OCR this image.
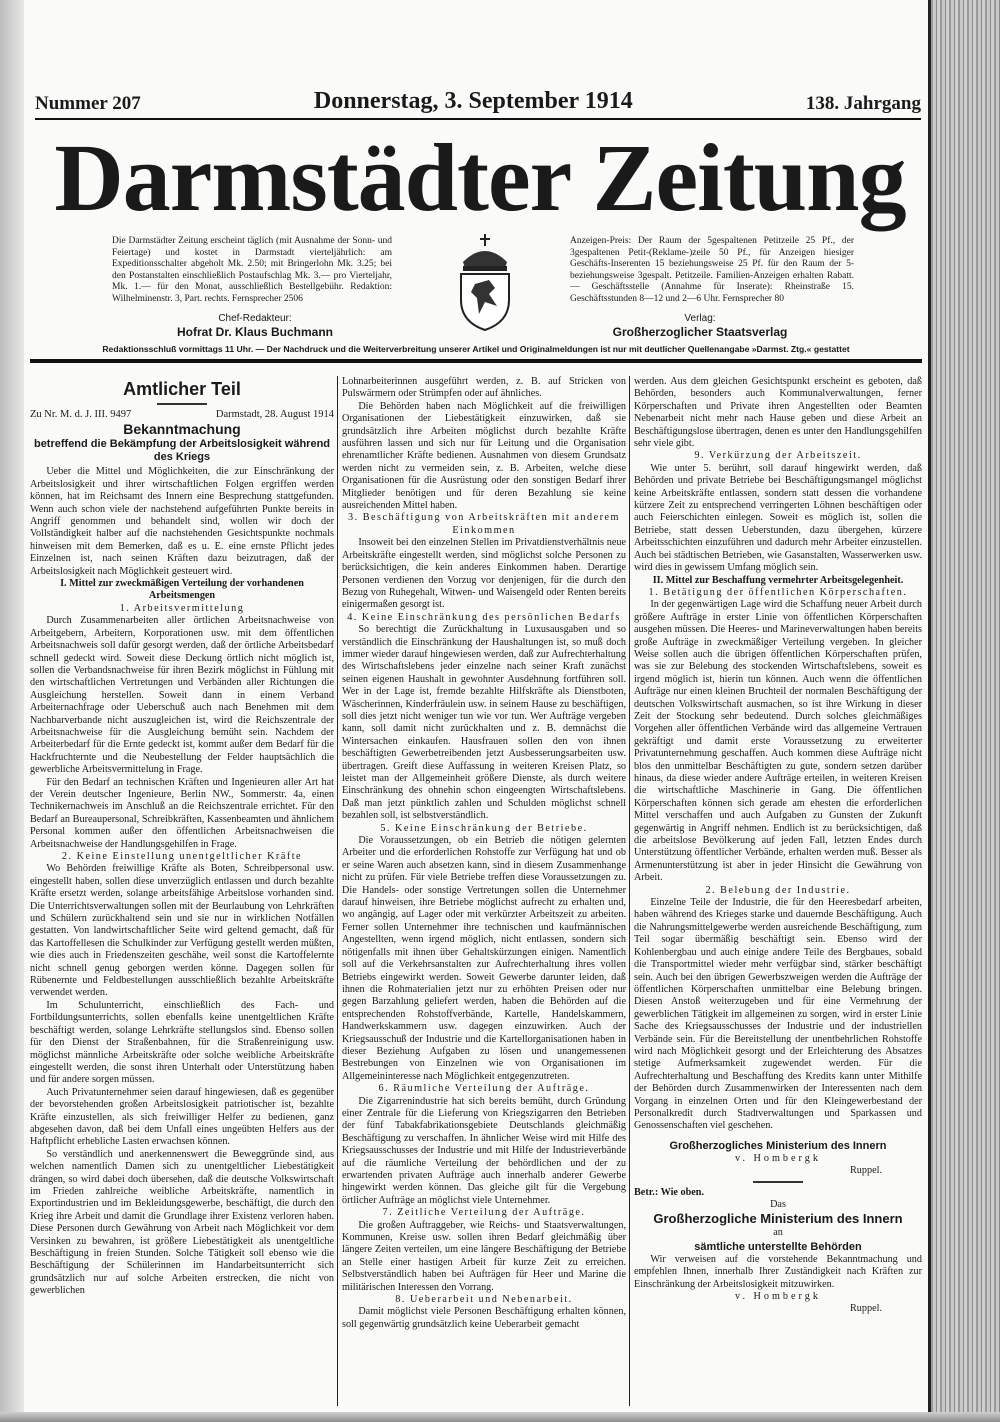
Nummer 207	Donnerstag, 3. September 1914	138. Jahrgang
Darmstädter Zeitung
Die Darmstädter Zeitung erscheint täglich (mit Ausnahme der Sonn- und Feiertage) und kostet in Darmstadt vierteljährlich: am Expeditionsschalter abgeholt Mk. 2.50; mit Bringerlohn Mk. 3.25; bei den Postanstalten einschließlich Postaufschlag Mk. 3.— pro Vierteljahr, Mk. 1.— für den Monat, ausschließlich Bestellgebühr. Redaktion: Wilhelminenstr. 3, Part. rechts. Fernsprecher 2506
Anzeigen-Preis: Der Raum der 5gespaltenen Petitzeile 25 Pf., der 3gespaltenen Petit-(Reklame-)zeile 50 Pf., für Anzeigen hiesiger Geschäfts-Inserenten 15 beziehungsweise 25 Pf. für den Raum der 5- beziehungsweise 3gespalt. Petitzeile. Familien-Anzeigen erhalten Rabatt. — Geschäftsstelle (Annahme für Inserate): Rheinstraße 15. Geschäftsstunden 8—12 und 2—6 Uhr. Fernsprecher 80
Chef-Redakteur:
Hofrat Dr. Klaus Buchmann
Verlag:
Großherzoglicher Staatsverlag
Redaktionsschluß vormittags 11 Uhr. — Der Nachdruck und die Weiterverbreitung unserer Artikel und Originalmeldungen ist nur mit deutlicher Quellenangabe »Darmst. Ztg.« gestattet
Amtlicher Teil
Zu Nr. M. d. J. III. 9497	Darmstadt, 28. August 1914
Bekanntmachung
betreffend die Bekämpfung der Arbeitslosigkeit während des Kriegs

Ueber die Mittel und Möglichkeiten, die zur Einschränkung der Arbeitslosigkeit und ihrer wirtschaftlichen Folgen ergriffen werden können, hat im Reichsamt des Innern eine Besprechung stattgefunden. Wenn auch schon viele der nachstehend aufgeführten Punkte bereits in Angriff genommen und behandelt sind, wollen wir doch der Vollständigkeit halber auf die nachstehenden Gesichtspunkte nochmals hinweisen mit dem Bemerken, daß es u. E. eine ernste Pflicht jedes Einzelnen ist, nach seinen Kräften dazu beizutragen, daß der Arbeitslosigkeit nach Möglichkeit gesteuert wird.

I. Mittel zur zweckmäßigen Verteilung der vorhandenen Arbeitsmengen
1. Arbeitsvermittelung

Durch Zusammenarbeiten aller örtlichen Arbeitsnachweise von Arbeitgebern, Arbeitern, Korporationen usw. mit dem öffentlichen Arbeitsnachweis soll dafür gesorgt werden, daß der örtliche Arbeitsbedarf schnell gedeckt wird. Soweit diese Deckung örtlich nicht möglich ist, sollen die Verbandsnachweise für ihren Bezirk möglichst in Fühlung mit den wirtschaftlichen Vertretungen und Verbänden aller Richtungen die Ausgleichung herstellen. Soweit dann in einem Verband Arbeiternachfrage oder Ueberschuß auch nach Benehmen mit dem Nachbarverbande nicht auszugleichen ist, wird die Reichszentrale der Arbeitsnachweise für die Ausgleichung bemüht sein. Nachdem der Arbeiterbedarf für die Ernte gedeckt ist, kommt außer dem Bedarf für die Hackfruchternte und die Neubestellung der Felder hauptsächlich die gewerbliche Arbeitsvermittelung in Frage.

Für den Bedarf an technischen Kräften und Ingenieuren aller Art hat der Verein deutscher Ingenieure, Berlin NW., Sommerstr. 4a, einen Technikernachweis im Anschluß an die Reichszentrale errichtet. Für den Bedarf an Bureaupersonal, Schreibkräften, Kassenbeamten und ähnlichem Personal kommen außer den öffentlichen Arbeitsnachweisen die Arbeitsnachweise der Handlungsgehilfen in Frage.

2. Keine Einstellung unentgeltlicher Kräfte

Wo Behörden freiwillige Kräfte als Boten, Schreibpersonal usw. eingestellt haben, sollen diese unverzüglich entlassen und durch bezahlte Kräfte ersetzt werden, solange arbeitsfähige Arbeitslose vorhanden sind. Die Unterrichtsverwaltungen sollen mit der Beurlaubung von Lehrkräften und Schülern zurückhaltend sein und sie nur in wirklichen Notfällen gestatten. Von landwirtschaftlicher Seite wird geltend gemacht, daß für das Kartoffellesen die Schulkinder zur Verfügung gestellt werden müßten, wie dies auch in Friedenszeiten geschähe, weil sonst die Kartoffelernte nicht schnell genug geborgen werden könne. Dagegen sollen für Rübenernte und Feldbestellungen ausschließlich bezahlte Arbeitskräfte verwendet werden.

Im Schulunterricht, einschließlich des Fach- und Fortbildungsunterrichts, sollen ebenfalls keine unentgeltlichen Kräfte beschäftigt werden, solange Lehrkräfte stellungslos sind. Ebenso sollen für den Dienst der Straßenbahnen, für die Straßenreinigung usw. möglichst männliche Arbeitskräfte oder solche weibliche Arbeitskräfte eingestellt werden, die sonst ihren Unterhalt oder Unterstützung haben und für andere sorgen müssen.

Auch Privatunternehmer seien darauf hingewiesen, daß es gegenüber der bevorstehenden großen Arbeitslosigkeit patriotischer ist, bezahlte Kräfte einzustellen, als sich freiwilliger Helfer zu bedienen, ganz abgesehen davon, daß bei dem Unfall eines ungeübten Helfers aus der Haftpflicht erhebliche Lasten erwachsen können.

So verständlich und anerkennenswert die Beweggründe sind, aus welchen namentlich Damen sich zu unentgeltlicher Liebestätigkeit drängen, so wird dabei doch übersehen, daß die deutsche Volkswirtschaft im Frieden zahlreiche weibliche Arbeitskräfte, namentlich in Exportindustrien und im Bekleidungsgewerbe, beschäftigt, die durch den Krieg ihre Arbeit und damit die Grundlage ihrer Existenz verloren haben. Diese Personen durch Gewährung von Arbeit nach Möglichkeit vor dem Versinken zu bewahren, ist größere Liebestätigkeit als unentgeltliche Beschäftigung in freien Stunden. Solche Tätigkeit soll ebenso wie die Beschäftigung der Schülerinnen im Handarbeitsunterricht sich grundsätzlich nur auf solche Arbeiten erstrecken, die nicht von gewerblichen

Lohnarbeiterinnen ausgeführt werden, z. B. auf Stricken von Pulswärmern oder Strümpfen oder auf ähnliches.

Die Behörden haben nach Möglichkeit auf die freiwilligen Organisationen der Liebestätigkeit einzuwirken, daß sie grundsätzlich ihre Arbeiten möglichst durch bezahlte Kräfte ausführen lassen und sich nur für Leitung und die Organisation ehrenamtlicher Kräfte bedienen. Ausnahmen von diesem Grundsatz werden nicht zu vermeiden sein, z. B. Arbeiten, welche diese Organisationen für die Ausrüstung oder den sonstigen Bedarf ihrer Mitglieder benötigen und für deren Bezahlung sie keine ausreichenden Mittel haben.

3. Beschäftigung von Arbeitskräften mit anderem Einkommen

Insoweit bei den einzelnen Stellen im Privatdienstverhältnis neue Arbeitskräfte eingestellt werden, sind möglichst solche Personen zu berücksichtigen, die kein anderes Einkommen haben. Derartige Personen verdienen den Vorzug vor denjenigen, für die durch den Bezug von Ruhegehalt, Witwen- und Waisengeld oder Renten bereits einigermaßen gesorgt ist.

4. Keine Einschränkung des persönlichen Bedarfs

So berechtigt die Zurückhaltung in Luxusausgaben und so verständlich die Einschränkung der Haushaltungen ist, so muß doch immer wieder darauf hingewiesen werden, daß zur Aufrechterhaltung des Wirtschaftslebens jeder einzelne nach seiner Kraft zunächst seinen eigenen Haushalt in gewohnter Ausdehnung fortführen soll. Wer in der Lage ist, fremde bezahlte Hilfskräfte als Dienstboten, Wäscherinnen, Kinderfräulein usw. in seinem Hause zu beschäftigen, soll dies jetzt nicht weniger tun wie vor tun. Wer Aufträge vergeben kann, soll damit nicht zurückhalten und z. B. demnächst die Wintersachen einkaufen. Hausfrauen sollen den von ihnen beschäftigten Gewerbetreibenden jetzt Ausbesserungsarbeiten usw. übertragen. Greift diese Auffassung in weiteren Kreisen Platz, so leistet man der Allgemeinheit größere Dienste, als durch weitere Einschränkung des ohnehin schon eingeengten Wirtschaftslebens. Daß man jetzt pünktlich zahlen und Schulden möglichst schnell bezahlen soll, ist selbstverständlich.

5. Keine Einschränkung der Betriebe.

Die Voraussetzungen, ob ein Betrieb die nötigen gelernten Arbeiter und die erforderlichen Rohstoffe zur Verfügung hat und ob er seine Waren auch absetzen kann, sind in diesem Zusammenhange nicht zu prüfen. Für viele Betriebe treffen diese Voraussetzungen zu. Die Handels- oder sonstige Vertretungen sollen die Unternehmer darauf hinweisen, ihre Betriebe möglichst aufrecht zu erhalten und, wo angängig, auf Lager oder mit verkürzter Arbeitszeit zu arbeiten. Ferner sollen Unternehmer ihre technischen und kaufmännischen Angestellten, wenn irgend möglich, nicht entlassen, sondern sich nötigenfalls mit ihnen über Gehaltskürzungen einigen. Namentlich soll auf die Verkehrsanstalten zur Aufrechterhaltung ihres vollen Betriebs eingewirkt werden. Soweit Gewerbe darunter leiden, daß ihnen die Rohmaterialien jetzt nur zu erhöhten Preisen oder nur gegen Barzahlung geliefert werden, haben die Behörden auf die entsprechenden Rohstoffverbände, Kartelle, Handelskammern, Handwerkskammern usw. dagegen einzuwirken. Auch der Kriegsausschuß der Industrie und die Kartellorganisationen haben in dieser Beziehung Aufgaben zu lösen und unangemessenen Bestrebungen von Einzelnen wie von Organisationen im Allgemeininteresse nach Möglichkeit entgegenzutreten.

6. Räumliche Verteilung der Aufträge.

Die Zigarrenindustrie hat sich bereits bemüht, durch Gründung einer Zentrale für die Lieferung von Kriegszigarren den Betrieben der fünf Tabakfabrikationsgebiete Deutschlands gleichmäßig Beschäftigung zu verschaffen. In ähnlicher Weise wird mit Hilfe des Kriegsausschusses der Industrie und mit Hilfe der Industrieverbände auf die räumliche Verteilung der behördlichen und der zu erwartenden privaten Aufträge auch innerhalb anderer Gewerbe hingewirkt werden können. Das gleiche gilt für die Vergebung örtlicher Aufträge an möglichst viele Unternehmer.

7. Zeitliche Verteilung der Aufträge.

Die großen Auftraggeber, wie Reichs- und Staatsverwaltungen, Kommunen, Kreise usw. sollen ihren Bedarf gleichmäßig über längere Zeiten verteilen, um eine längere Beschäftigung der Betriebe an Stelle einer hastigen Arbeit für kurze Zeit zu erreichen. Selbstverständlich haben bei Aufträgen für Heer und Marine die militärischen Interessen den Vorrang.

8. Ueberarbeit und Nebenarbeit.

Damit möglichst viele Personen Beschäftigung erhalten können, soll gegenwärtig grundsätzlich keine Ueberarbeit gemacht

werden. Aus dem gleichen Gesichtspunkt erscheint es geboten, daß Behörden, besonders auch Kommunalverwaltungen, ferner Körperschaften und Private ihren Angestellten oder Beamten Nebenarbeit nicht mehr nach Hause geben und diese Arbeit an Beschäftigungslose übertragen, denen es unter den Handlungsgehilfen sehr viele gibt.

9. Verkürzung der Arbeitszeit.

Wie unter 5. berührt, soll darauf hingewirkt werden, daß Behörden und private Betriebe bei Beschäftigungsmangel möglichst keine Arbeitskräfte entlassen, sondern statt dessen die vorhandene kürzere Zeit zu entsprechend verringerten Löhnen beschäftigen oder auch Feierschichten einlegen. Soweit es möglich ist, sollen die Betriebe, statt dessen Ueberstunden, dazu übergehen, kürzere Arbeitsschichten einzuführen und dadurch mehr Arbeiter einzustellen. Auch bei städtischen Betrieben, wie Gasanstalten, Wasserwerken usw. wird dies in gewissem Umfang möglich sein.

II. Mittel zur Beschaffung vermehrter Arbeitsgelegenheit.
1. Betätigung der öffentlichen Körperschaften.

In der gegenwärtigen Lage wird die Schaffung neuer Arbeit durch größere Aufträge in erster Linie von öffentlichen Körperschaften ausgehen müssen. Die Heeres- und Marineverwaltungen haben bereits große Aufträge in zweckmäßiger Verteilung vergeben. In gleicher Weise sollen auch die übrigen öffentlichen Körperschaften prüfen, was sie zur Belebung des stockenden Wirtschaftslebens, soweit es irgend möglich ist, hierin tun können. Auch wenn die öffentlichen Aufträge nur einen kleinen Bruchteil der normalen Beschäftigung der deutschen Volkswirtschaft ausmachen, so ist ihre Wirkung in dieser Zeit der Stockung sehr bedeutend. Durch solches gleichmäßiges Vorgehen aller öffentlichen Verbände wird das allgemeine Vertrauen gekräftigt und damit erste Voraussetzung zu erweiterter Privatunternehmung geschaffen. Auch kommen diese Aufträge nicht blos den unmittelbar Beschäftigten zu gute, sondern setzen darüber hinaus, da diese wieder andere Aufträge erteilen, in weiteren Kreisen die wirtschaftliche Maschinerie in Gang. Die öffentlichen Körperschaften können sich gerade am ehesten die erforderlichen Mittel verschaffen und auch Aufgaben zu Gunsten der Zukunft gegenwärtig in Angriff nehmen. Endlich ist zu berücksichtigen, daß die arbeitslose Bevölkerung auf jeden Fall, letzten Endes durch Unterstützung öffentlicher Verbände, erhalten werden muß. Besser als Armenunterstützung ist aber in jeder Hinsicht die Gewährung von Arbeit.

2. Belebung der Industrie.

Einzelne Teile der Industrie, die für den Heeresbedarf arbeiten, haben während des Krieges starke und dauernde Beschäftigung. Auch die Nahrungsmittelgewerbe werden ausreichende Beschäftigung, zum Teil sogar übermäßig beschäftigt sein. Ebenso wird der Kohlenbergbau und auch einige andere Teile des Bergbaues, sobald die Transportmittel wieder mehr verfügbar sind, stärker beschäftigt sein. Auch bei den übrigen Gewerbszweigen werden die Aufträge der öffentlichen Körperschaften unmittelbar eine Belebung bringen. Diesen Anstoß weiterzugeben und für eine Vermehrung der gewerblichen Tätigkeit im allgemeinen zu sorgen, wird in erster Linie Sache des Kriegsausschusses der Industrie und der industriellen Verbände sein. Für die Bereitstellung der unentbehrlichen Rohstoffe wird nach Möglichkeit gesorgt und der Erleichterung des Absatzes stetige Aufmerksamkeit zugewendet werden. Für die Aufrechterhaltung und Beschaffung des Kredits kann unter Mithilfe der Behörden durch Zusammenwirken der Interessenten nach dem Vorgang in einzelnen Orten und für den Kleingewerbestand der Personalkredit durch Stadtverwaltungen und Sparkassen und Genossenschaften viel geschehen.

Großherzogliches Ministerium des Innern
v. Hombergk
Ruppel.
Betr.: Wie oben.
Das
Großherzogliche Ministerium des Innern
an
sämtliche unterstellte Behörden

Wir verweisen auf die vorstehende Bekanntmachung und empfehlen Ihnen, innerhalb Ihrer Zuständigkeit nach Kräften zur Einschränkung der Arbeitslosigkeit mitzuwirken.

v. Hombergk
Ruppel.
